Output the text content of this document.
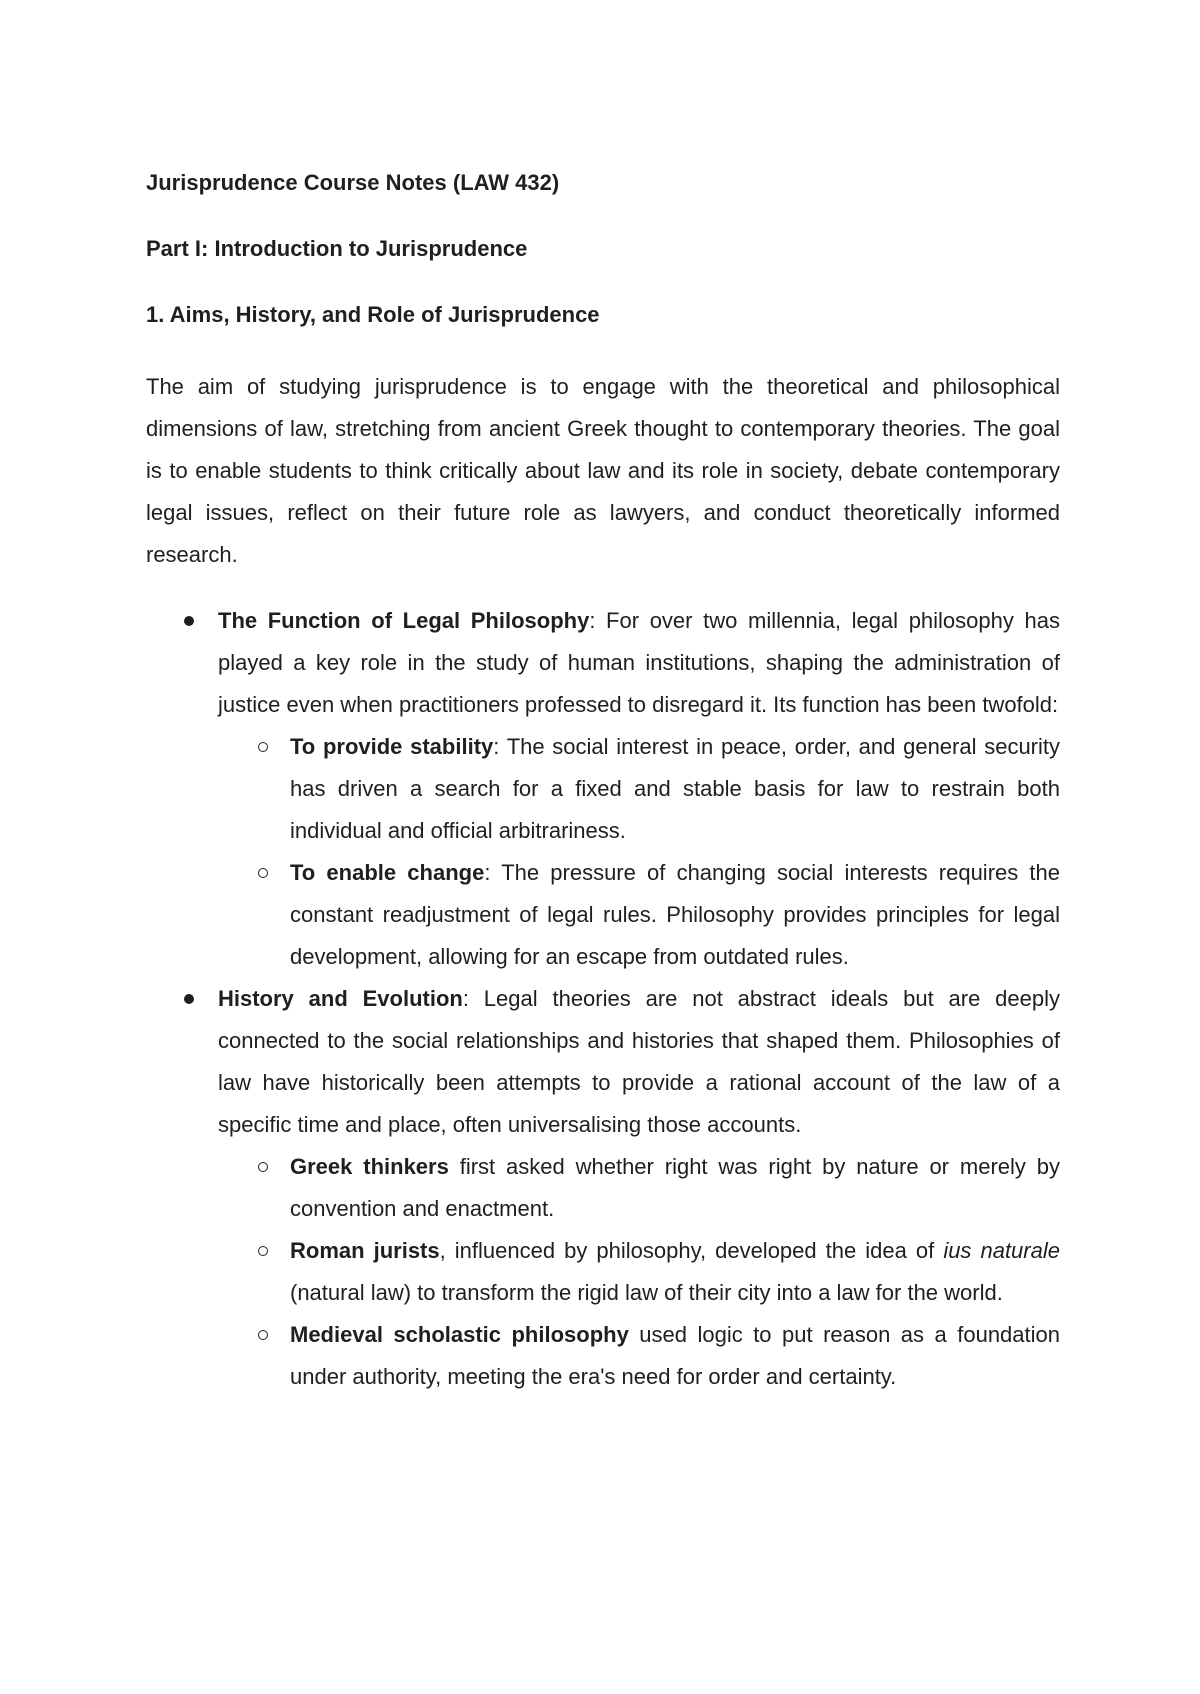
Jurisprudence Course Notes (LAW 432)
Part I: Introduction to Jurisprudence
1. Aims, History, and Role of Jurisprudence

The aim of studying jurisprudence is to engage with the theoretical and philosophical dimensions of law, stretching from ancient Greek thought to contemporary theories. The goal is to enable students to think critically about law and its role in society, debate contemporary legal issues, reflect on their future role as lawyers, and conduct theoretically informed research.

The Function of Legal Philosophy: For over two millennia, legal philosophy has played a key role in the study of human institutions, shaping the administration of justice even when practitioners professed to disregard it. Its function has been twofold:
To provide stability: The social interest in peace, order, and general security has driven a search for a fixed and stable basis for law to restrain both individual and official arbitrariness.
To enable change: The pressure of changing social interests requires the constant readjustment of legal rules. Philosophy provides principles for legal development, allowing for an escape from outdated rules.
History and Evolution: Legal theories are not abstract ideals but are deeply connected to the social relationships and histories that shaped them. Philosophies of law have historically been attempts to provide a rational account of the law of a specific time and place, often universalising those accounts.
Greek thinkers first asked whether right was right by nature or merely by convention and enactment.
Roman jurists, influenced by philosophy, developed the idea of ius naturale (natural law) to transform the rigid law of their city into a law for the world.
Medieval scholastic philosophy used logic to put reason as a foundation under authority, meeting the era's need for order and certainty.
